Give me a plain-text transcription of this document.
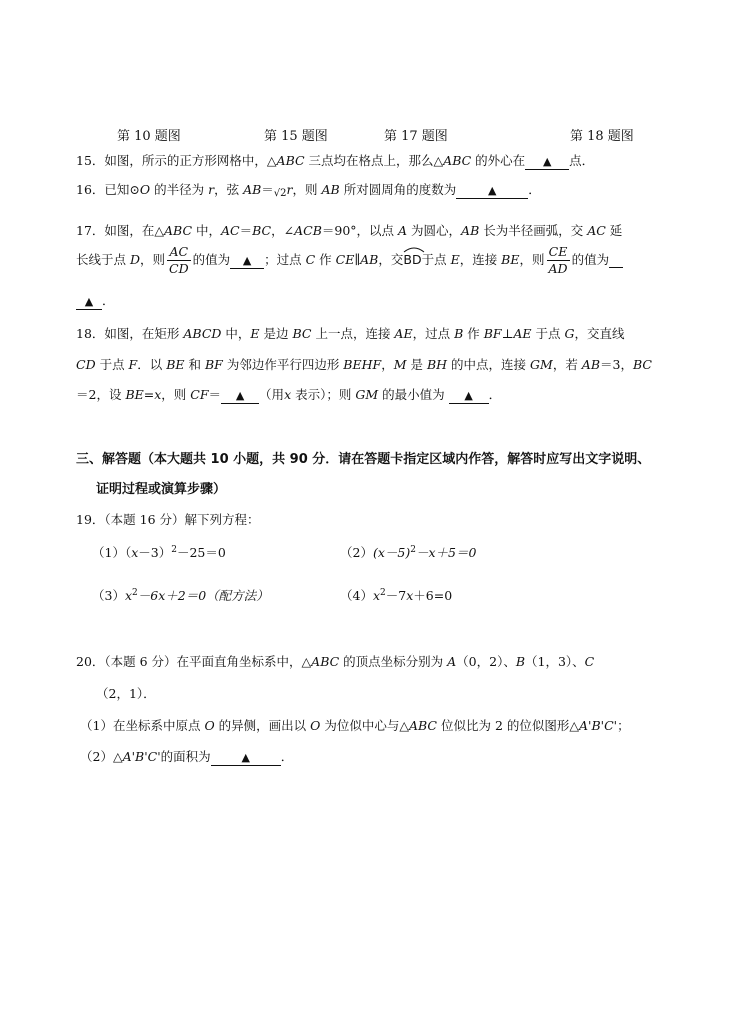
第 10 题图	第 15 题图	第 17 题图	第 18 题图
15．如图，所示的正方形网格中，△ABC 三点均在格点上，那么△ABC 的外心在 ▲ 点．
16．已知⊙O 的半径为 r，弦 AB＝√2r，则 AB 所对圆周角的度数为	▲	．
17．如图，在△ABC 中，AC＝BC，∠ACB＝90°，以点 A 为圆心，AB 长为半径画弧，交 AC 延
长线于点 D，则 $\frac{AC}{CD}$ 的值为 ▲ ；过点 C 作 CE∥AB，交
BD于点 E，连接 BE，则 $\frac{CE}{AD}$ 的值为
▲ ．
18．如图，在矩形 ABCD 中，E 是边 BC 上一点，连接 AE，过点 B 作 BF⊥AE 于点 G，交直线
CD 于点 F．以 BE 和 BF 为邻边作平行四边形 BEHF，M 是 BH 的中点，连接 GM，若 AB＝3，BC
＝2，设 BE=x，则 CF＝ ▲ （用x 表示）；则 GM 的最小值为 ▲ ．
三、解答题（本大题共 10 小题，共 90 分．请在答题卡指定区域内作答，解答时应写出文字说明、
证明过程或演算步骤）
19．（本题 16 分）解下列方程：
$(1)(x-3)^2-25=0$	$(2)(x-5)^2-x+5=0$
$(3)x^2-6x+2=0$（配方法）	$(4)x^2-7x+6=0$
20．（本题 6 分）在平面直角坐标系中，△ABC 的顶点坐标分别为 A（0，2）、B（1，3）、C
（2，1）．
（1）在坐标系中原点 O 的异侧，画出以 O 为位似中心与△ABC 位似比为 2 的位似图形△A'B'C'；
（2）△A'B'C'的面积为	▲ ．
